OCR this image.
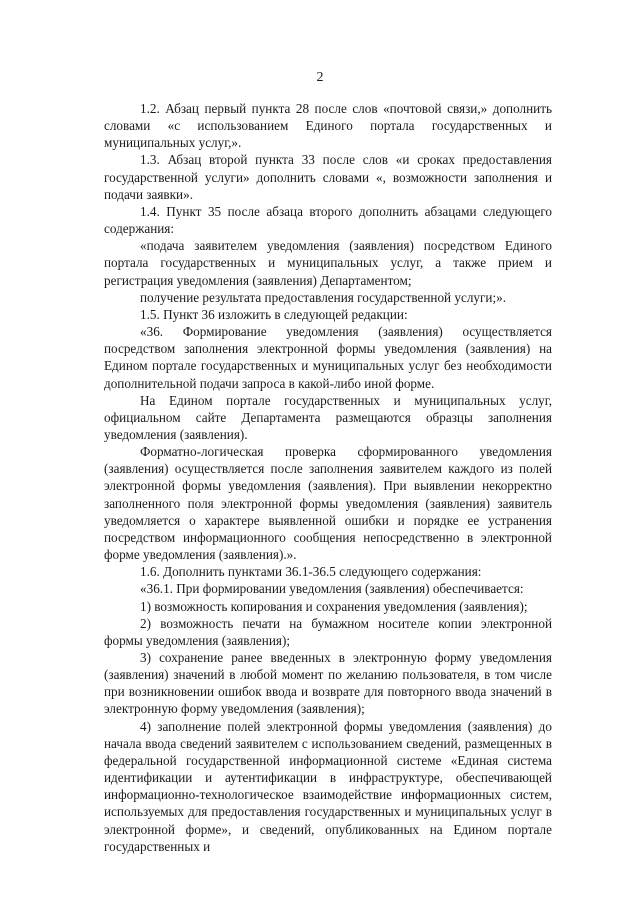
2

1.2. Абзац первый пункта 28 после слов «почтовой связи,» дополнить словами «с использованием Единого портала государственных и муниципальных услуг,».

1.3. Абзац второй пункта 33 после слов «и сроках предоставления государственной услуги» дополнить словами «, возможности заполнения и подачи заявки».

1.4. Пункт 35 после абзаца второго дополнить абзацами следующего содержания:

«подача заявителем уведомления (заявления) посредством Единого портала государственных и муниципальных услуг, а также прием и регистрация уведомления (заявления) Департаментом;

получение результата предоставления государственной услуги;».

1.5. Пункт 36 изложить в следующей редакции:

«36. Формирование уведомления (заявления) осуществляется посредством заполнения электронной формы уведомления (заявления) на Едином портале государственных и муниципальных услуг без необходимости дополнительной подачи запроса в какой-либо иной форме.

На Едином портале государственных и муниципальных услуг, официальном сайте Департамента размещаются образцы заполнения уведомления (заявления).

Форматно-логическая проверка сформированного уведомления (заявления) осуществляется после заполнения заявителем каждого из полей электронной формы уведомления (заявления). При выявлении некорректно заполненного поля электронной формы уведомления (заявления) заявитель уведомляется о характере выявленной ошибки и порядке ее устранения посредством информационного сообщения непосредственно в электронной форме уведомления (заявления).».

1.6. Дополнить пунктами 36.1-36.5 следующего содержания:

«36.1. При формировании уведомления (заявления) обеспечивается:

1) возможность копирования и сохранения уведомления (заявления);

2) возможность печати на бумажном носителе копии электронной формы уведомления (заявления);

3) сохранение ранее введенных в электронную форму уведомления (заявления) значений в любой момент по желанию пользователя, в том числе при возникновении ошибок ввода и возврате для повторного ввода значений в электронную форму уведомления (заявления);

4) заполнение полей электронной формы уведомления (заявления) до начала ввода сведений заявителем с использованием сведений, размещенных в федеральной государственной информационной системе «Единая система идентификации и аутентификации в инфраструктуре, обеспечивающей информационно-технологическое взаимодействие информационных систем, используемых для предоставления государственных и муниципальных услуг в электронной форме», и сведений, опубликованных на Едином портале государственных и
